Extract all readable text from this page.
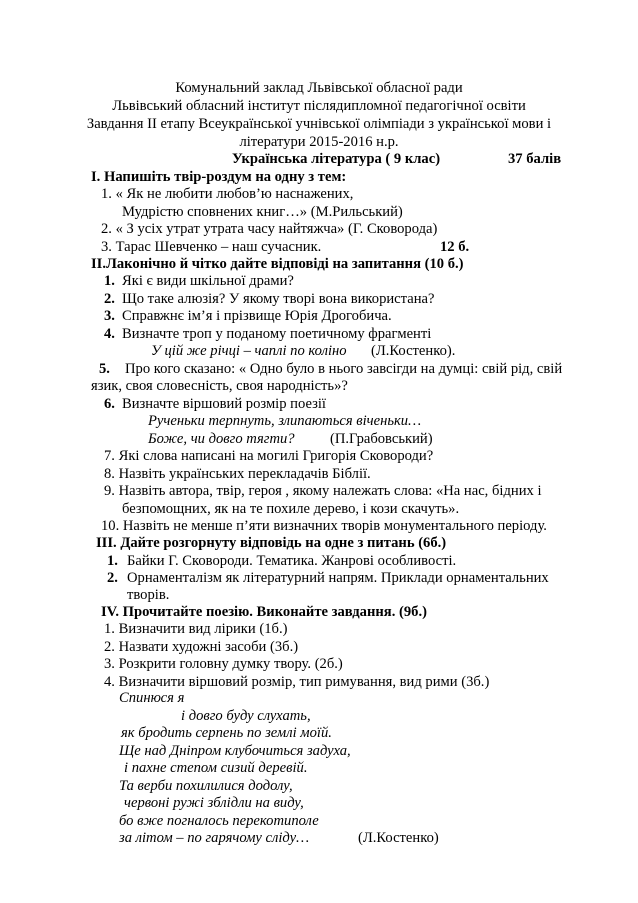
Комунальний заклад Львівської обласної ради
Львівський обласний інститут післядипломної педагогічної освіти
Завдання ІІ етапу Всеукраїнської учнівської олімпіади з української мови і
літератури 2015-2016 н.р.
Українська література ( 9 клас)	37 балів
І. Напишіть твір-роздум на одну з тем:
1. « Як не любити любов’ю наснажених,
Мудрістю сповнених книг…» (М.Рильський)
2. « З усіх утрат утрата часу найтяжча» (Г. Сковорода)
3. Тарас Шевченко – наш сучасник.	12 б.
ІІ.Лаконічно й чітко дайте відповіді на запитання (10 б.)
1. Які є види шкільної драми?
2. Що таке алюзія? У якому творі вона використана?
3. Справжнє ім’я і прізвище Юрія Дрогобича.
4. Визначте троп у поданому поетичному фрагменті
У цій же річці – чаплі по коліно (Л.Костенко).
5. Про кого сказано: « Одно було в нього завсігди на думці: свій рід, свій
язик, своя словесність, своя народність»?
6. Визначте віршовий розмір поезії
Рученьки терпнуть, злипаються віченьки…
Боже, чи довго тягти? (П.Грабовський)
7. Які слова написані на могилі Григорія Сковороди?
8. Назвіть українських перекладачів Біблії.
9. Назвіть автора, твір, героя , якому належать слова: «На нас, бідних і
безпомощних, як на те похиле дерево, і кози скачуть».
10. Назвіть не менше п’яти визначних творів монументального періоду.
ІІІ. Дайте розгорнуту відповідь на одне з питань (6б.)
1. Байки Г. Сковороди. Тематика. Жанрові особливості.
2. Орнаменталізм як літературний напрям. Приклади орнаментальних
творів.
ІV. Прочитайте поезію. Виконайте завдання. (9б.)
1. Визначити вид лірики (1б.)
2. Назвати художні засоби (3б.)
3. Розкрити головну думку твору. (2б.)
4. Визначити віршовий розмір, тип римування, вид рими (3б.)
Спинюся я
і довго буду слухать,
як бродить серпень по землі моїй.
Ще над Дніпром клубочиться задуха,
і пахне степом сизий деревій.
Та верби похилилися додолу,
червоні ружі зблідли на виду,
бо вже погналось перекотиполе
за літом – по гарячому сліду…	(Л.Костенко)
